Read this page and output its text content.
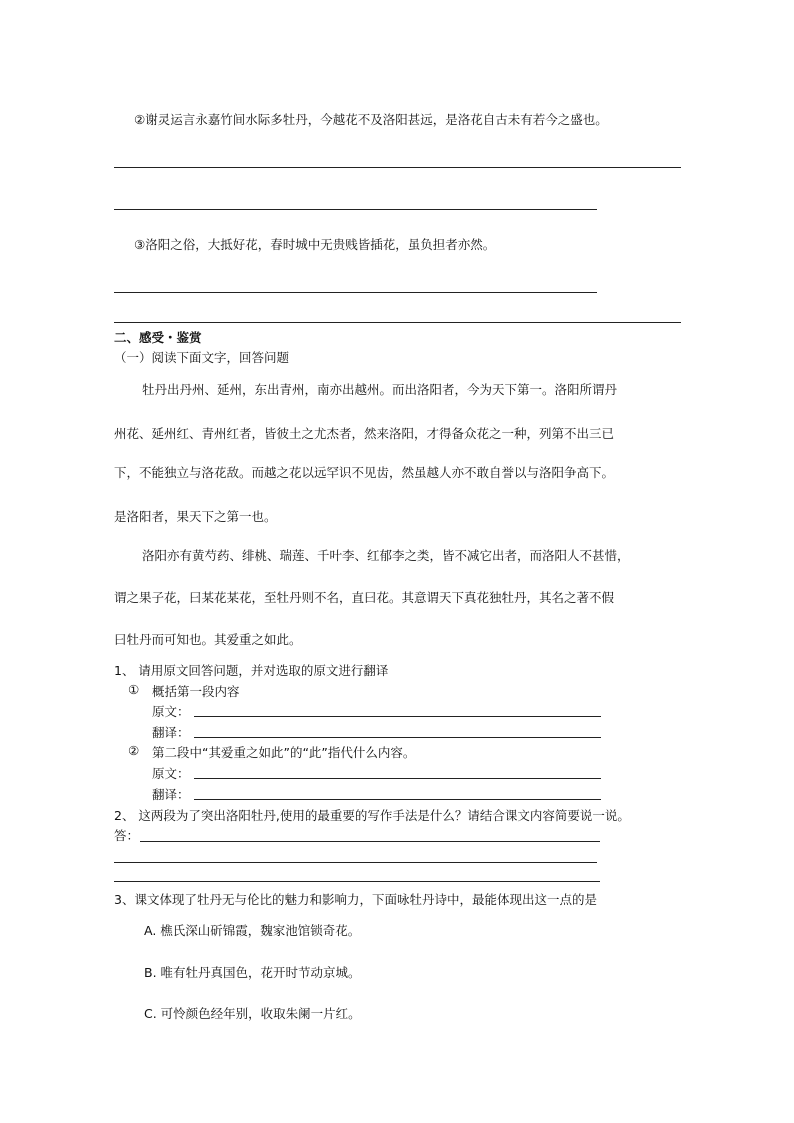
②谢灵运言永嘉竹间水际多牡丹，今越花不及洛阳甚远，是洛花自古未有若今之盛也。
③洛阳之俗，大抵好花，春时城中无贵贱皆插花，虽负担者亦然。
二、感受・鉴赏
（一）阅读下面文字，回答问题
牡丹出丹州、延州，东出青州，南亦出越州。而出洛阳者，今为天下第一。洛阳所谓丹
州花、延州红、青州红者，皆彼土之尤杰者，然来洛阳，才得备众花之一种，列第不出三已
下，不能独立与洛花敌。而越之花以远罕识不见齿，然虽越人亦不敢自誉以与洛阳争高下。
是洛阳者，果天下之第一也。
洛阳亦有黄芍药、绯桃、瑞莲、千叶李、红郁李之类，皆不减它出者，而洛阳人不甚惜，
谓之果子花，曰某花某花，至牡丹则不名，直曰花。其意谓天下真花独牡丹，其名之著不假
曰牡丹而可知也。其爱重之如此。
1、 请用原文回答问题，并对选取的原文进行翻译
① 概括第一段内容
原文：
翻译：
② 第二段中“其爱重之如此”的“此”指代什么内容。
原文：
翻译：
2、 这两段为了突出洛阳牡丹,使用的最重要的写作手法是什么？请结合课文内容简要说一说。
答：
3、课文体现了牡丹无与伦比的魅力和影响力，下面咏牡丹诗中，最能体现出这一点的是
A. 樵氏深山斫锦霞，魏家池馆锁奇花。
B. 唯有牡丹真国色，花开时节动京城。
C. 可怜颜色经年别，收取朱阑一片红。
